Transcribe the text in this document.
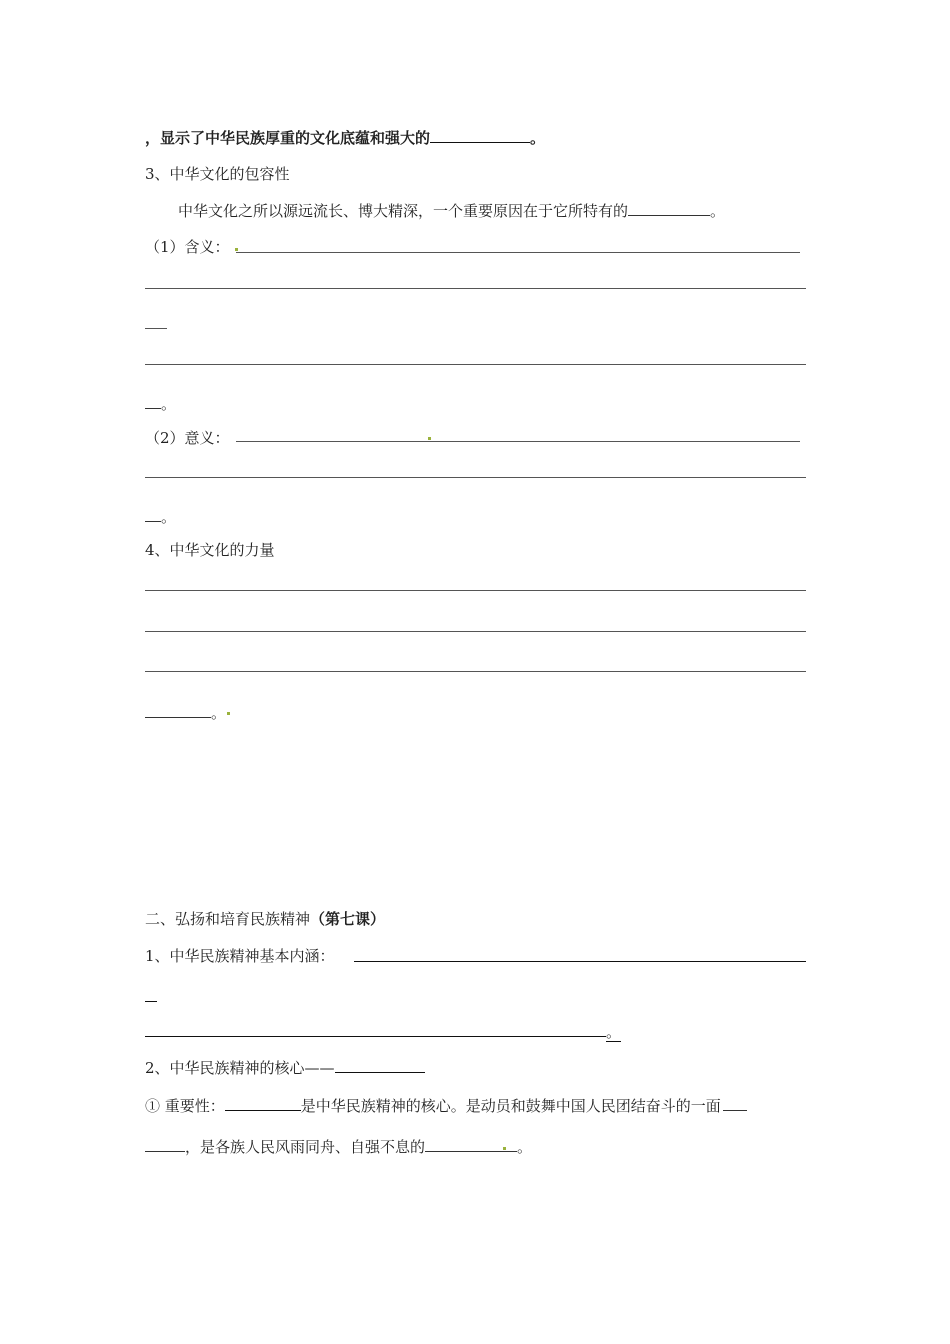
，显示了中华民族厚重的文化底蕴和强大的	。
3、中华文化的包容性
中华文化之所以源远流长、博大精深，一个重要原因在于它所特有的	。
（1）含义：
。
（2）意义：
。
4、中华文化的力量
。
二、弘扬和培育民族精神（第七课）
1、中华民族精神基本内涵：
。
2、中华民族精神的核心——
① 重要性：	是中华民族精神的核心。是动员和鼓舞中国人民团结奋斗的一面
，是各族人民风雨同舟、自强不息的	。
